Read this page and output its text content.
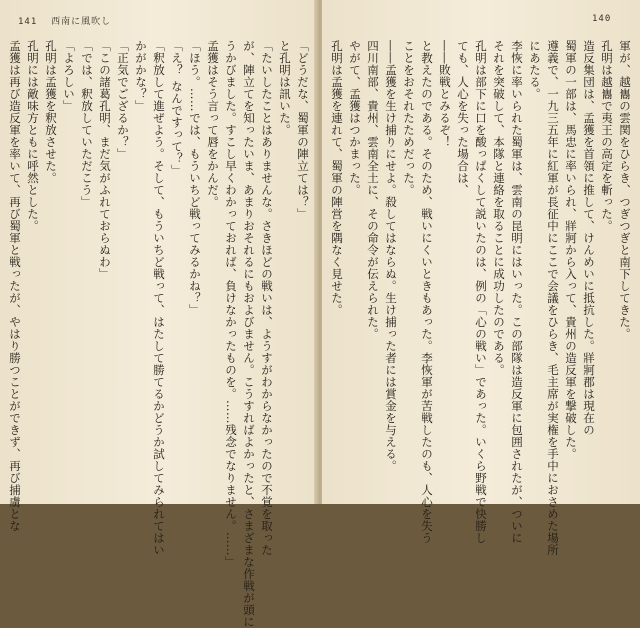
141 西南に風吹し
「どうだな、蜀軍の陣立ては？」
と孔明は訊いた。
「たいしたことはありませんな。さきほどの戦いは、ようすがわからなかったので不覚を取った
が、陣立てを知ったいま、あまりおそれるにもおよびません。こうすればよかったと、さまざまな作戦が頭に
うかびました。すこし早くわかっておれば、負けなかったものを。……残念でなりません。……」
孟獲はそう言って唇をかんだ。
「ほう。……では、もういちど戦ってみるかね？」
「え？ なんですって？」
「釈放して進ぜよう。そして、もういちど戦って、はたして勝てるかどうか試してみられてはい
かがかな？」
「正気でござるか？」
「この諸葛孔明、まだ気がふれておらぬわ」
「では、釈放していただこう」
「よろしい」
孔明は孟獲を釈放させた。
孔明には敵味方ともに呼然とした。
孟獲は再び造反軍を率いて、再び蜀軍と戦ったが、やはり勝つことができず、再び捕虜とな
140
軍が、越巂の雲関をひらき、つぎつぎと南下してきた。
孔明は越巂で夷王の高定を斬った。
造反集団は、孟獲を首領に推して、けんめいに抵抗した。牂牁郡は現在の
蜀軍の一部は、馬忠に率いられ、牂牁から入って、貴州の造反軍を撃破した。
遵義で、一九三五年に紅軍が長征中にここで会議をひらき、毛主席が実権を手中におさめた場所
にあたる。
李恢に率いられた蜀軍は、雲南の昆明にはいった。この部隊は造反軍に包囲されたが、ついに
それを突破して、本隊と連絡を取ることに成功したのである。
孔明は部下に口を酸っぱくして説いたのは、例の「心の戦い」であった。いくら野戦で快勝し
ても、人心を失った場合は、
――敗戦とみるぞ！
と教えたのである。そのため、戦いにくいときもあった。李恢軍が苦戦したのも、人心を失う
ことをおそれたためだった。
――孟獲を生け捕りにせよ。殺してはならぬ。生け捕った者には賞金を与える。
四川南部、貴州、雲南全土に、その命令が伝えられた。
やがて、孟獲はつかまった。
孔明は孟獲を連れて、蜀軍の陣営を隅なく見せた。
